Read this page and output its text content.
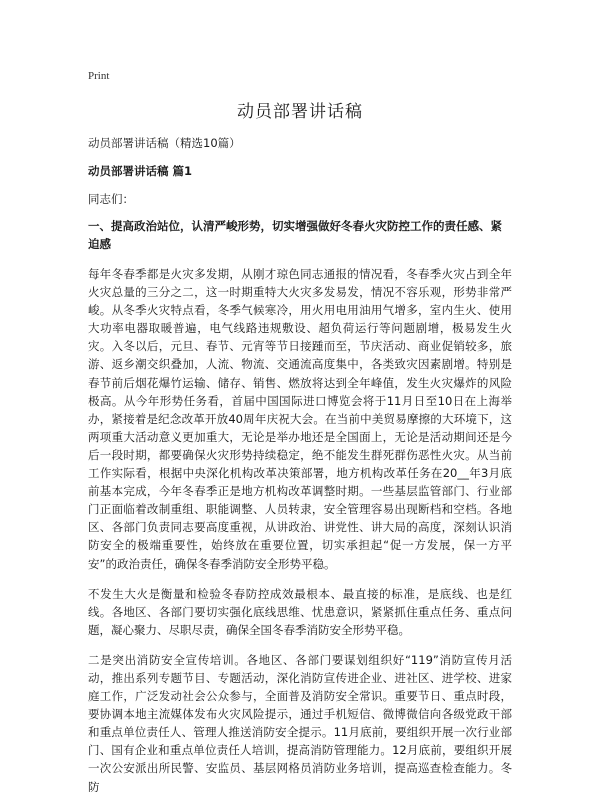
Print

动员部署讲话稿

动员部署讲话稿（精选10篇）

动员部署讲话稿 篇1

同志们：

一、提高政治站位，认清严峻形势，切实增强做好冬春火灾防控工作的责任感、紧迫感

每年冬春季都是火灾多发期，从刚才琼色同志通报的情况看，冬春季火灾占到全年火灾总量的三分之二，这一时期重特大火灾多发易发，情况不容乐观，形势非常严峻。从冬季火灾特点看，冬季气候寒冷，用火用电用油用气增多，室内生火、使用大功率电器取暖普遍，电气线路违规敷设、超负荷运行等问题剧增，极易发生火灾。入冬以后，元旦、春节、元宵等节日接踵而至，节庆活动、商业促销较多，旅游、返乡潮交织叠加，人流、物流、交通流高度集中，各类致灾因素剧增。特别是春节前后烟花爆竹运输、储存、销售、燃放将达到全年峰值，发生火灾爆炸的风险极高。从今年形势任务看，首届中国国际进口博览会将于11月日至10日在上海举办，紧接着是纪念改革开放40周年庆祝大会。在当前中美贸易摩擦的大环境下，这两项重大活动意义更加重大，无论是举办地还是全国面上，无论是活动期间还是今后一段时期，都要确保火灾形势持续稳定，绝不能发生群死群伤恶性火灾。从当前工作实际看，根据中央深化机构改革决策部署，地方机构改革任务在20__年3月底前基本完成，今年冬春季正是地方机构改革调整时期。一些基层监管部门、行业部门正面临着改制重组、职能调整、人员转隶，安全管理容易出现断档和空档。各地区、各部门负责同志要高度重视，从讲政治、讲党性、讲大局的高度，深刻认识消防安全的极端重要性，始终放在重要位置，切实承担起“促一方发展，保一方平安”的政治责任，确保冬春季消防安全形势平稳。

不发生大火是衡量和检验冬春防控成效最根本、最直接的标准，是底线、也是红线。各地区、各部门要切实强化底线思维、忧患意识，紧紧抓住重点任务、重点问题，凝心聚力、尽职尽责，确保全国冬春季消防安全形势平稳。

二是突出消防安全宣传培训。各地区、各部门要谋划组织好“119”消防宣传月活动，推出系列专题节目、专题活动，深化消防宣传进企业、进社区、进学校、进家庭工作，广泛发动社会公众参与，全面普及消防安全常识。重要节日、重点时段，要协调本地主流媒体发布火灾风险提示，通过手机短信、微博微信向各级党政干部和重点单位责任人、管理人推送消防安全提示。11月底前，要组织开展一次行业部门、国有企业和重点单位责任人培训，提高消防管理能力。12月底前，要组织开展一次公安派出所民警、安监员、基层网格员消防业务培训，提高巡查检查能力。冬防
